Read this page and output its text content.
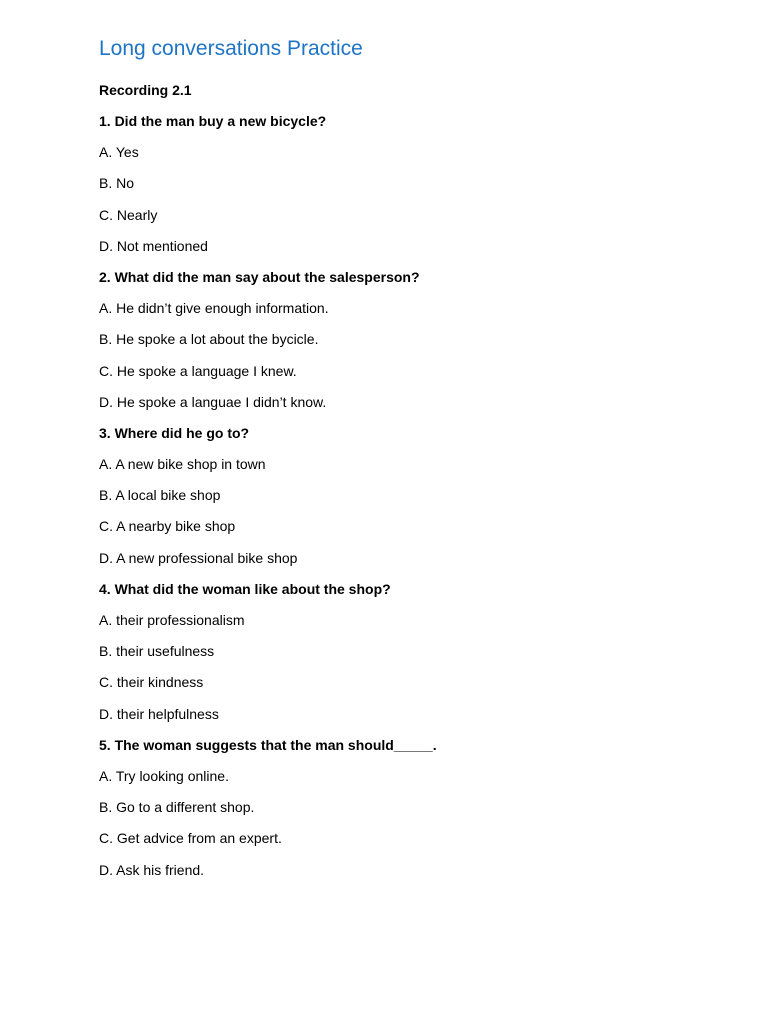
Long conversations Practice
Recording 2.1
1. Did the man buy a new bicycle?
A. Yes
B. No
C. Nearly
D. Not mentioned
2. What did the man say about the salesperson?
A. He didn’t give enough information.
B. He spoke a lot about the bycicle.
C. He spoke a language I knew.
D. He spoke a languae I didn’t know.
3. Where did he go to?
A. A new bike shop in town
B. A local bike shop
C. A nearby bike shop
D. A new professional bike shop
4. What did the woman like about the shop?
A. their professionalism
B. their usefulness
C. their kindness
D. their helpfulness
5. The woman suggests that the man should_____.
A. Try looking online.
B. Go to a different shop.
C. Get advice from an expert.
D. Ask his friend.
